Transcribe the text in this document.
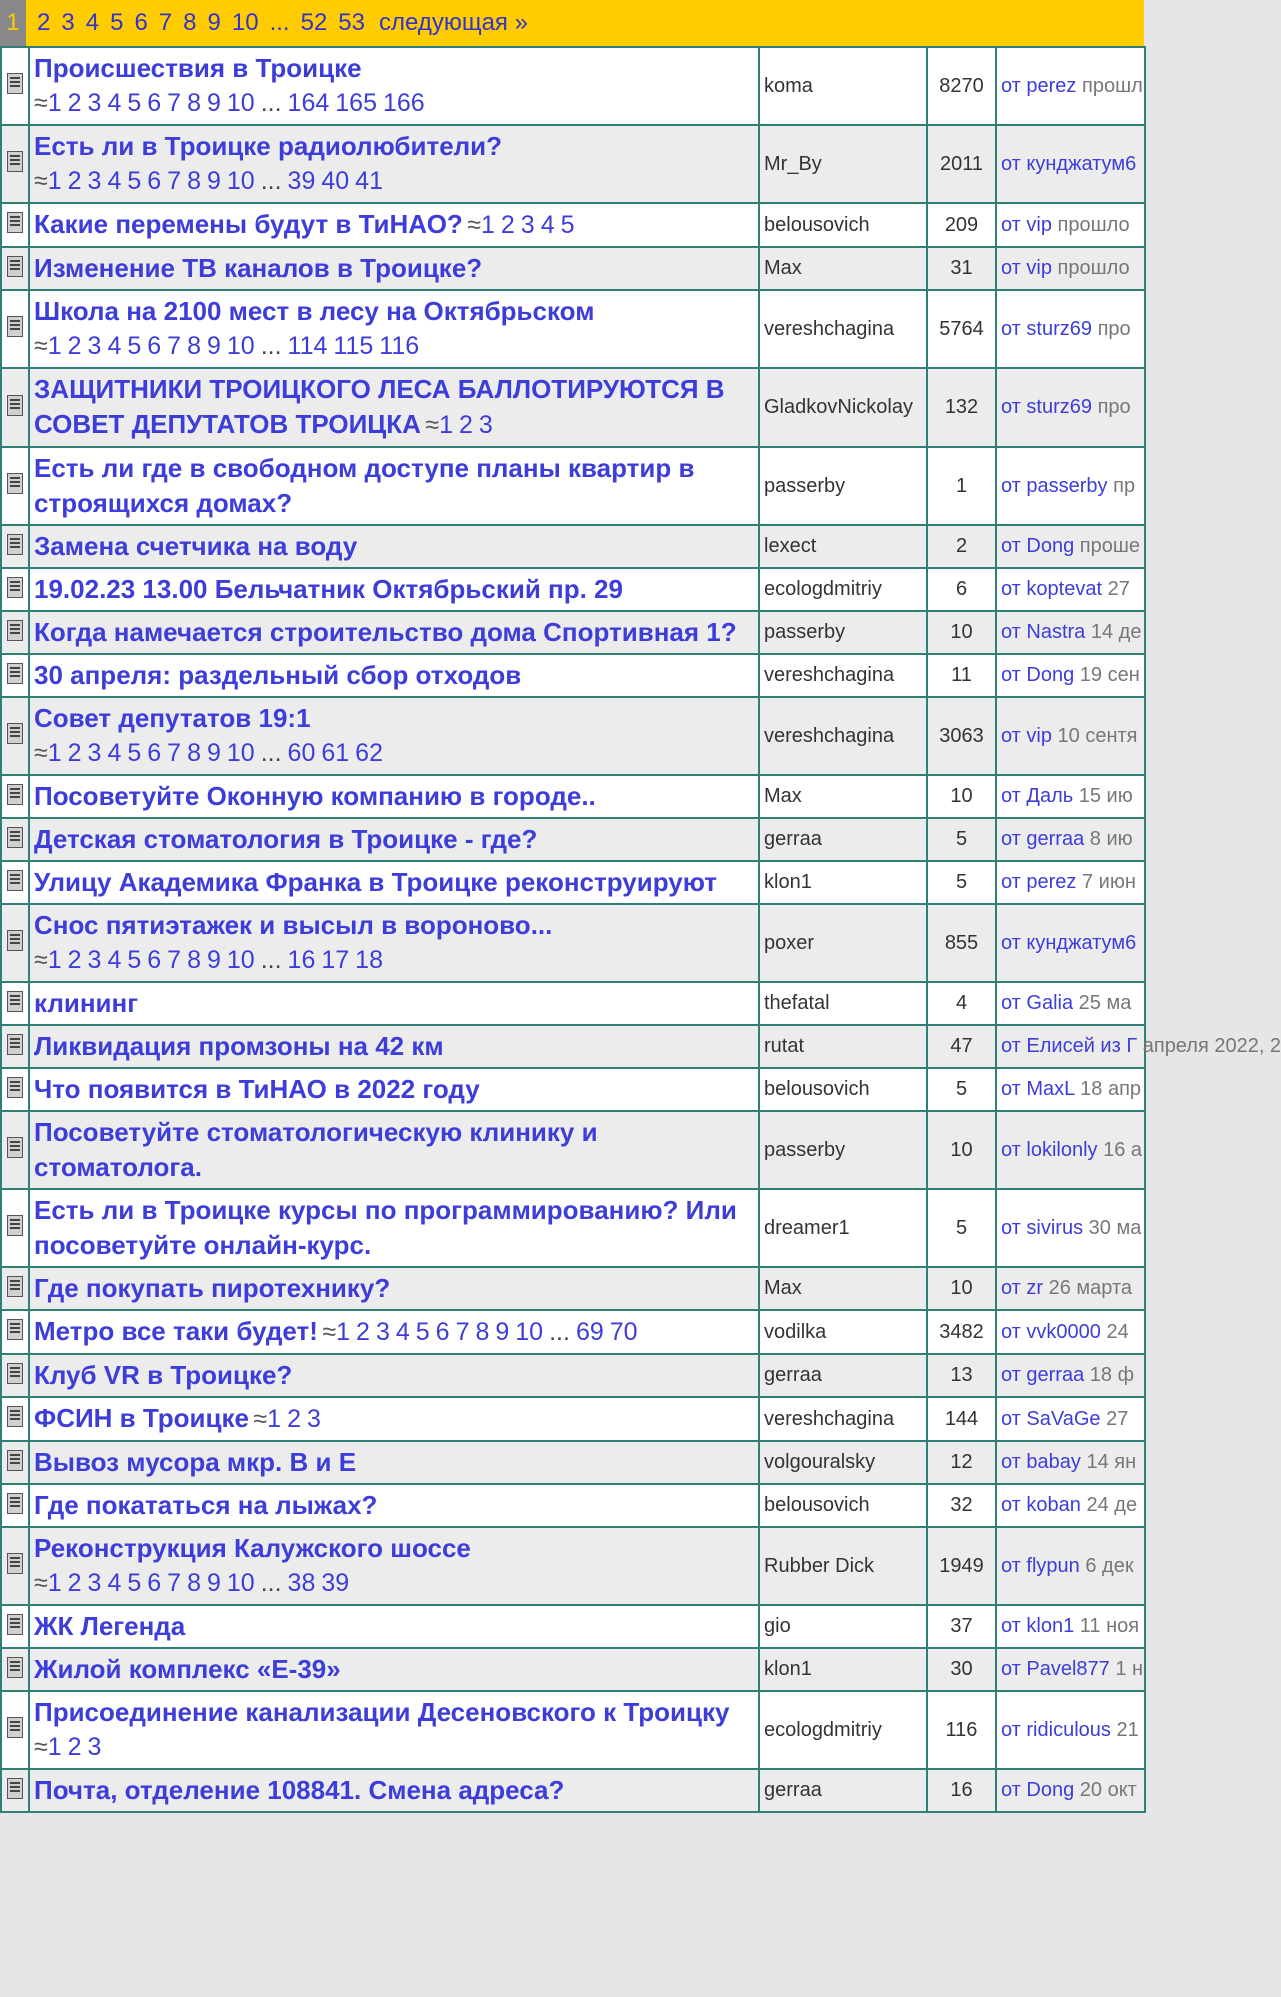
1 2 3 4 5 6 7 8 9 10 ... 52 53 следующая »
	Происшествия в Троицке
≈1 2 3 4 5 6 7 8 9 10 ... 164 165 166	koma	8270	от perez прошл
	Есть ли в Троицке радиолюбители?
≈1 2 3 4 5 6 7 8 9 10 ... 39 40 41	Mr_By	2011	от кунджатум6
	Какие перемены будут в ТиНАО? ≈1 2 3 4 5	belousovich	209	от vip прошло
	Изменение ТВ каналов в Троицке?	Max	31	от vip прошло
	Школа на 2100 мест в лесу на Октябрьском
≈1 2 3 4 5 6 7 8 9 10 ... 114 115 116	vereshchagina	5764	от sturz69 про
	ЗАЩИТНИКИ ТРОИЦКОГО ЛЕСА БАЛЛОТИРУЮТСЯ В СОВЕТ ДЕПУТАТОВ ТРОИЦКА ≈1 2 3	GladkovNickolay	132	от sturz69 про
	Есть ли где в свободном доступе планы квартир в строящихся домах?	passerby	1	от passerby пр
	Замена счетчика на воду	lexect	2	от Dong проше
	19.02.23 13.00 Бельчатник Октябрьский пр. 29	ecologdmitriy	6	от koptevat 27
	Когда намечается строительство дома Спортивная 1?	passerby	10	от Nastra 14 де
	30 апреля: раздельный сбор отходов	vereshchagina	11	от Dong 19 сен
	Совет депутатов 19:1
≈1 2 3 4 5 6 7 8 9 10 ... 60 61 62	vereshchagina	3063	от vip 10 сентя
	Посоветуйте Оконную компанию в городе..	Max	10	от Даль 15 ию
	Детская стоматология в Троицке - где?	gerraa	5	от gerraa 8 ию
	Улицу Академика Франка в Троицке реконструируют	klon1	5	от perez 7 июн
	Снос пятиэтажек и высыл в вороново...
≈1 2 3 4 5 6 7 8 9 10 ... 16 17 18	poxer	855	от кунджатум6
	клининг	thefatal	4	от Galia 25 ма
	Ликвидация промзоны на 42 км	rutat	47	от Елисей из Г апреля 2022, 2
	Что появится в ТиНАО в 2022 году	belousovich	5	от MaxL 18 апр
	Посоветуйте стоматологическую клинику и стоматолога.	passerby	10	от lokilonly 16 а
	Есть ли в Троицке курсы по программированию? Или посоветуйте онлайн-курс.	dreamer1	5	от sivirus 30 ма
	Где покупать пиротехнику?	Max	10	от zr 26 марта
	Метро все таки будет! ≈1 2 3 4 5 6 7 8 9 10 ... 69 70	vodilka	3482	от vvk0000 24
	Клуб VR в Троицке?	gerraa	13	от gerraa 18 ф
	ФСИН в Троицке ≈1 2 3	vereshchagina	144	от SaVaGe 27
	Вывоз мусора мкр. В и Е	volgouralsky	12	от babay 14 ян
	Где покататься на лыжах?	belousovich	32	от koban 24 де
	Реконструкция Калужского шоссе
≈1 2 3 4 5 6 7 8 9 10 ... 38 39	Rubber Dick	1949	от flypun 6 дек
	ЖК Легенда	gio	37	от klon1 11 ноя
	Жилой комплекс «Е-39»	klon1	30	от Pavel877 1 н
	Присоединение канализации Десеновского к Троицку ≈1 2 3	ecologdmitriy	116	от ridiculous 21
	Почта, отделение 108841. Смена адреса?	gerraa	16	от Dong 20 окт
